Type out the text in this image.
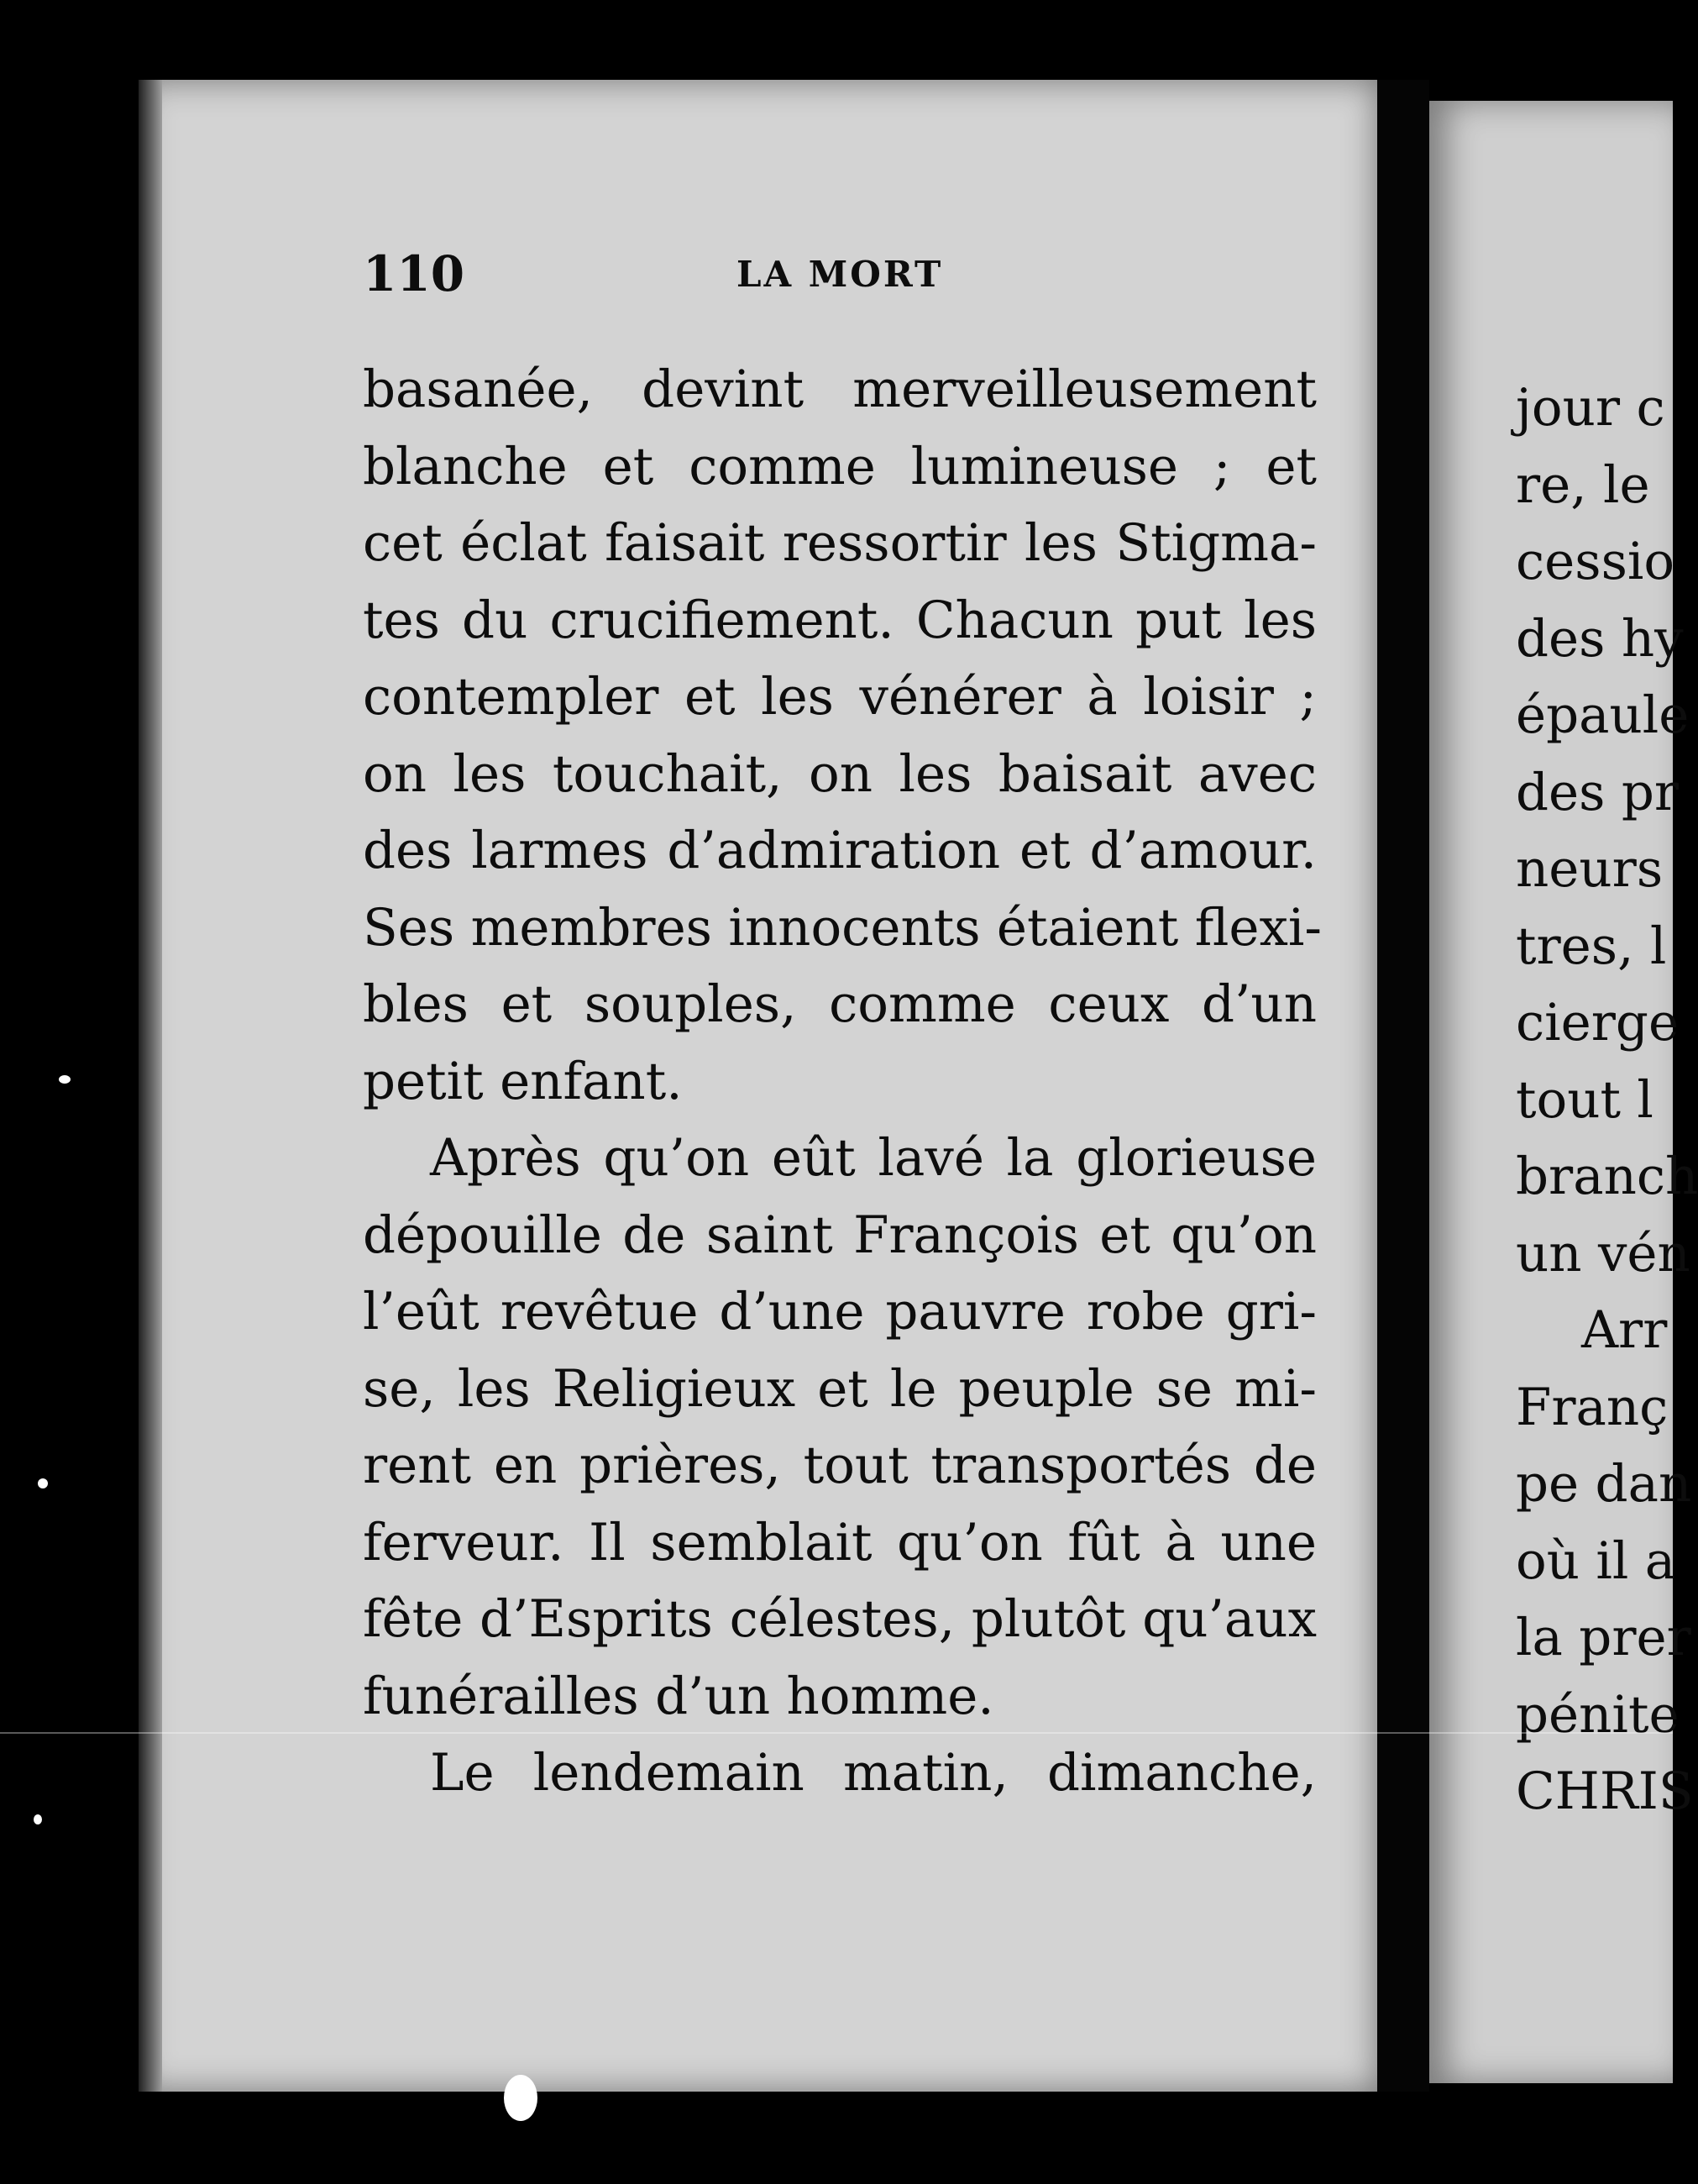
110	LA MORT
basanée, devint merveilleusement
blanche et comme lumineuse ; et
cet éclat faisait ressortir les Stigma-
tes du crucifiement. Chacun put les
contempler et les vénérer à loisir ;
on les touchait, on les baisait avec
des larmes d’admiration et d’amour.
Ses membres innocents étaient flexi-
bles et souples, comme ceux d’un
petit enfant.
Après qu’on eût lavé la glorieuse
dépouille de saint François et qu’on
l’eût revêtue d’une pauvre robe gri-
se, les Religieux et le peuple se mi-
rent en prières, tout transportés de
ferveur. Il semblait qu’on fût à une
fête d’Esprits célestes, plutôt qu’aux
funérailles d’un homme.
Le lendemain matin, dimanche,
jour c
re, le
cessio
des hy
épaule
des pr
neurs
tres, l
cierge
tout l
branch
un vén
Arr
Franç
pe dan
où il a
la prer
pénite
CHRIS
